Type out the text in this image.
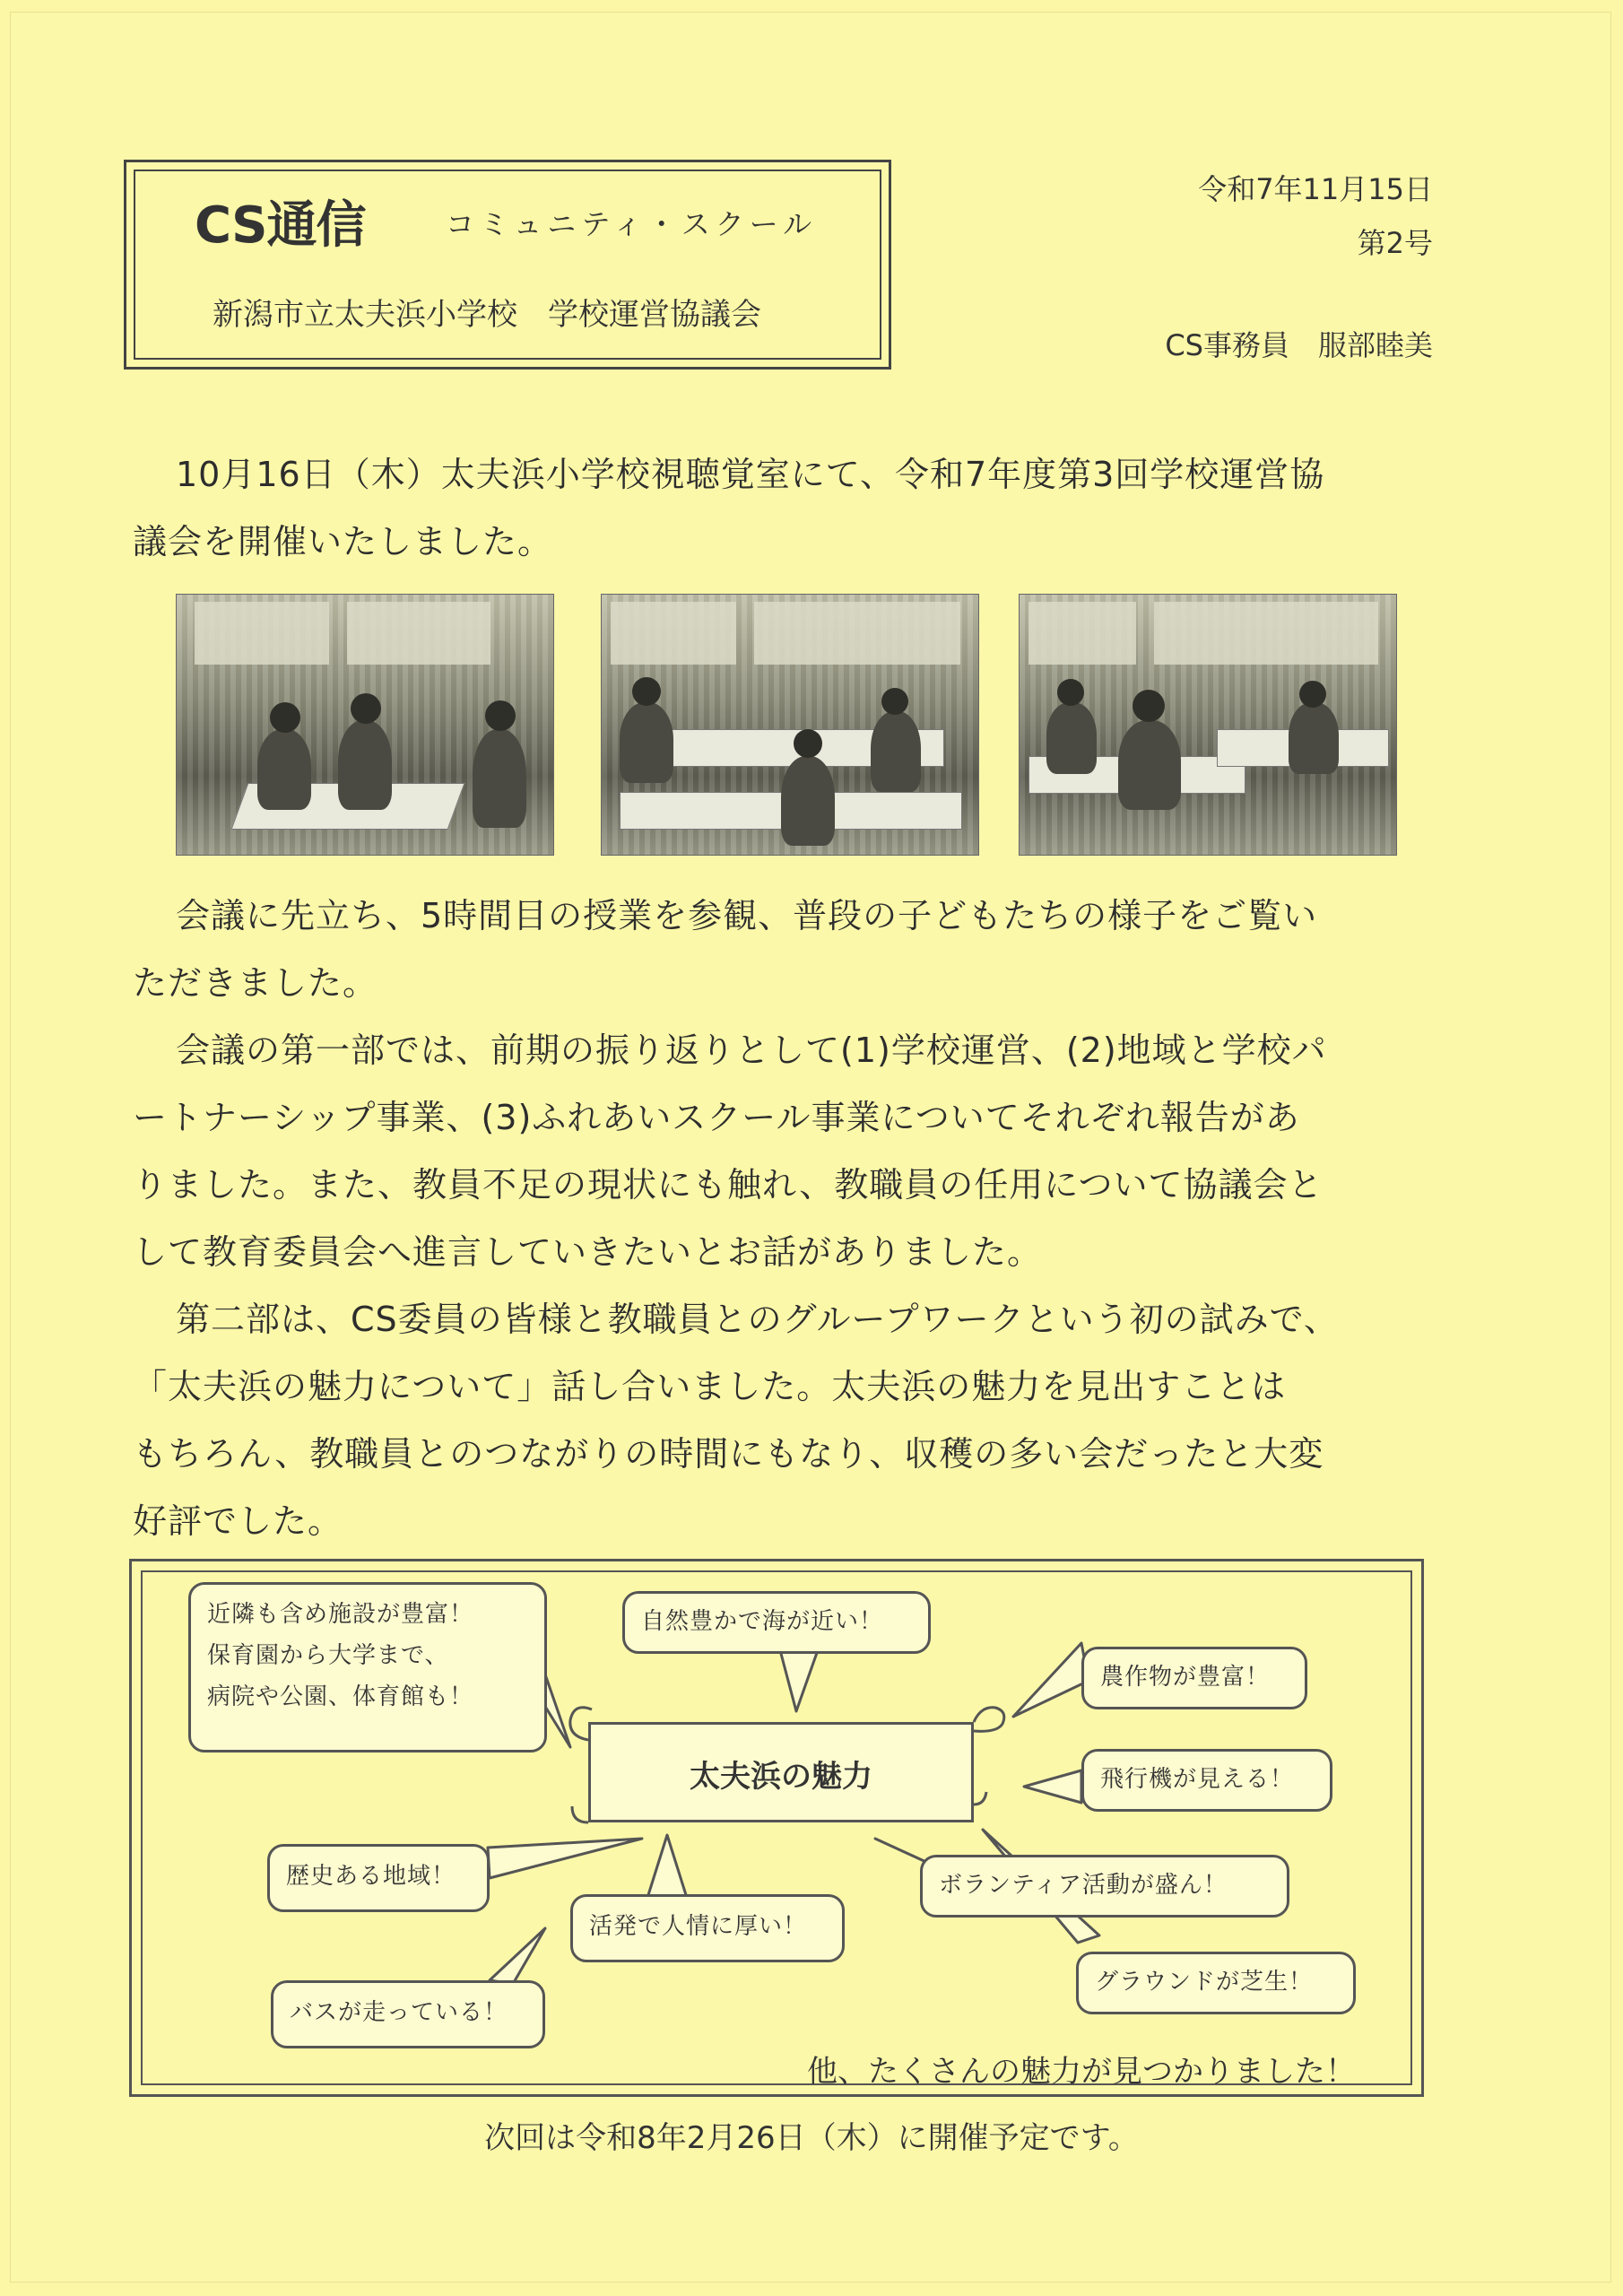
CS通信	コミュニティ・スクール
新潟市立太夫浜小学校　学校運営協議会
令和7年11月15日
第2号
CS事務員　服部睦美

10月16日（木）太夫浜小学校視聴覚室にて、令和7年度第3回学校運営協

議会を開催いたしました。

会議に先立ち、5時間目の授業を参観、普段の子どもたちの様子をご覧い

ただきました。

会議の第一部では、前期の振り返りとして(1)学校運営、(2)地域と学校パ

ートナーシップ事業、(3)ふれあいスクール事業についてそれぞれ報告があ

りました。また、教員不足の現状にも触れ、教職員の任用について協議会と

して教育委員会へ進言していきたいとお話がありました。

第二部は、CS委員の皆様と教職員とのグループワークという初の試みで、

「太夫浜の魅力について」話し合いました。太夫浜の魅力を見出すことは

もちろん、教職員とのつながりの時間にもなり、収穫の多い会だったと大変

好評でした。

太夫浜の魅力
近隣も含め施設が豊富！
保育園から大学まで、
病院や公園、体育館も！
自然豊かで海が近い！
農作物が豊富！
飛行機が見える！
ボランティア活動が盛ん！
グラウンドが芝生！
歴史ある地域！
活発で人情に厚い！
バスが走っている！
他、たくさんの魅力が見つかりました！
次回は令和8年2月26日（木）に開催予定です。
